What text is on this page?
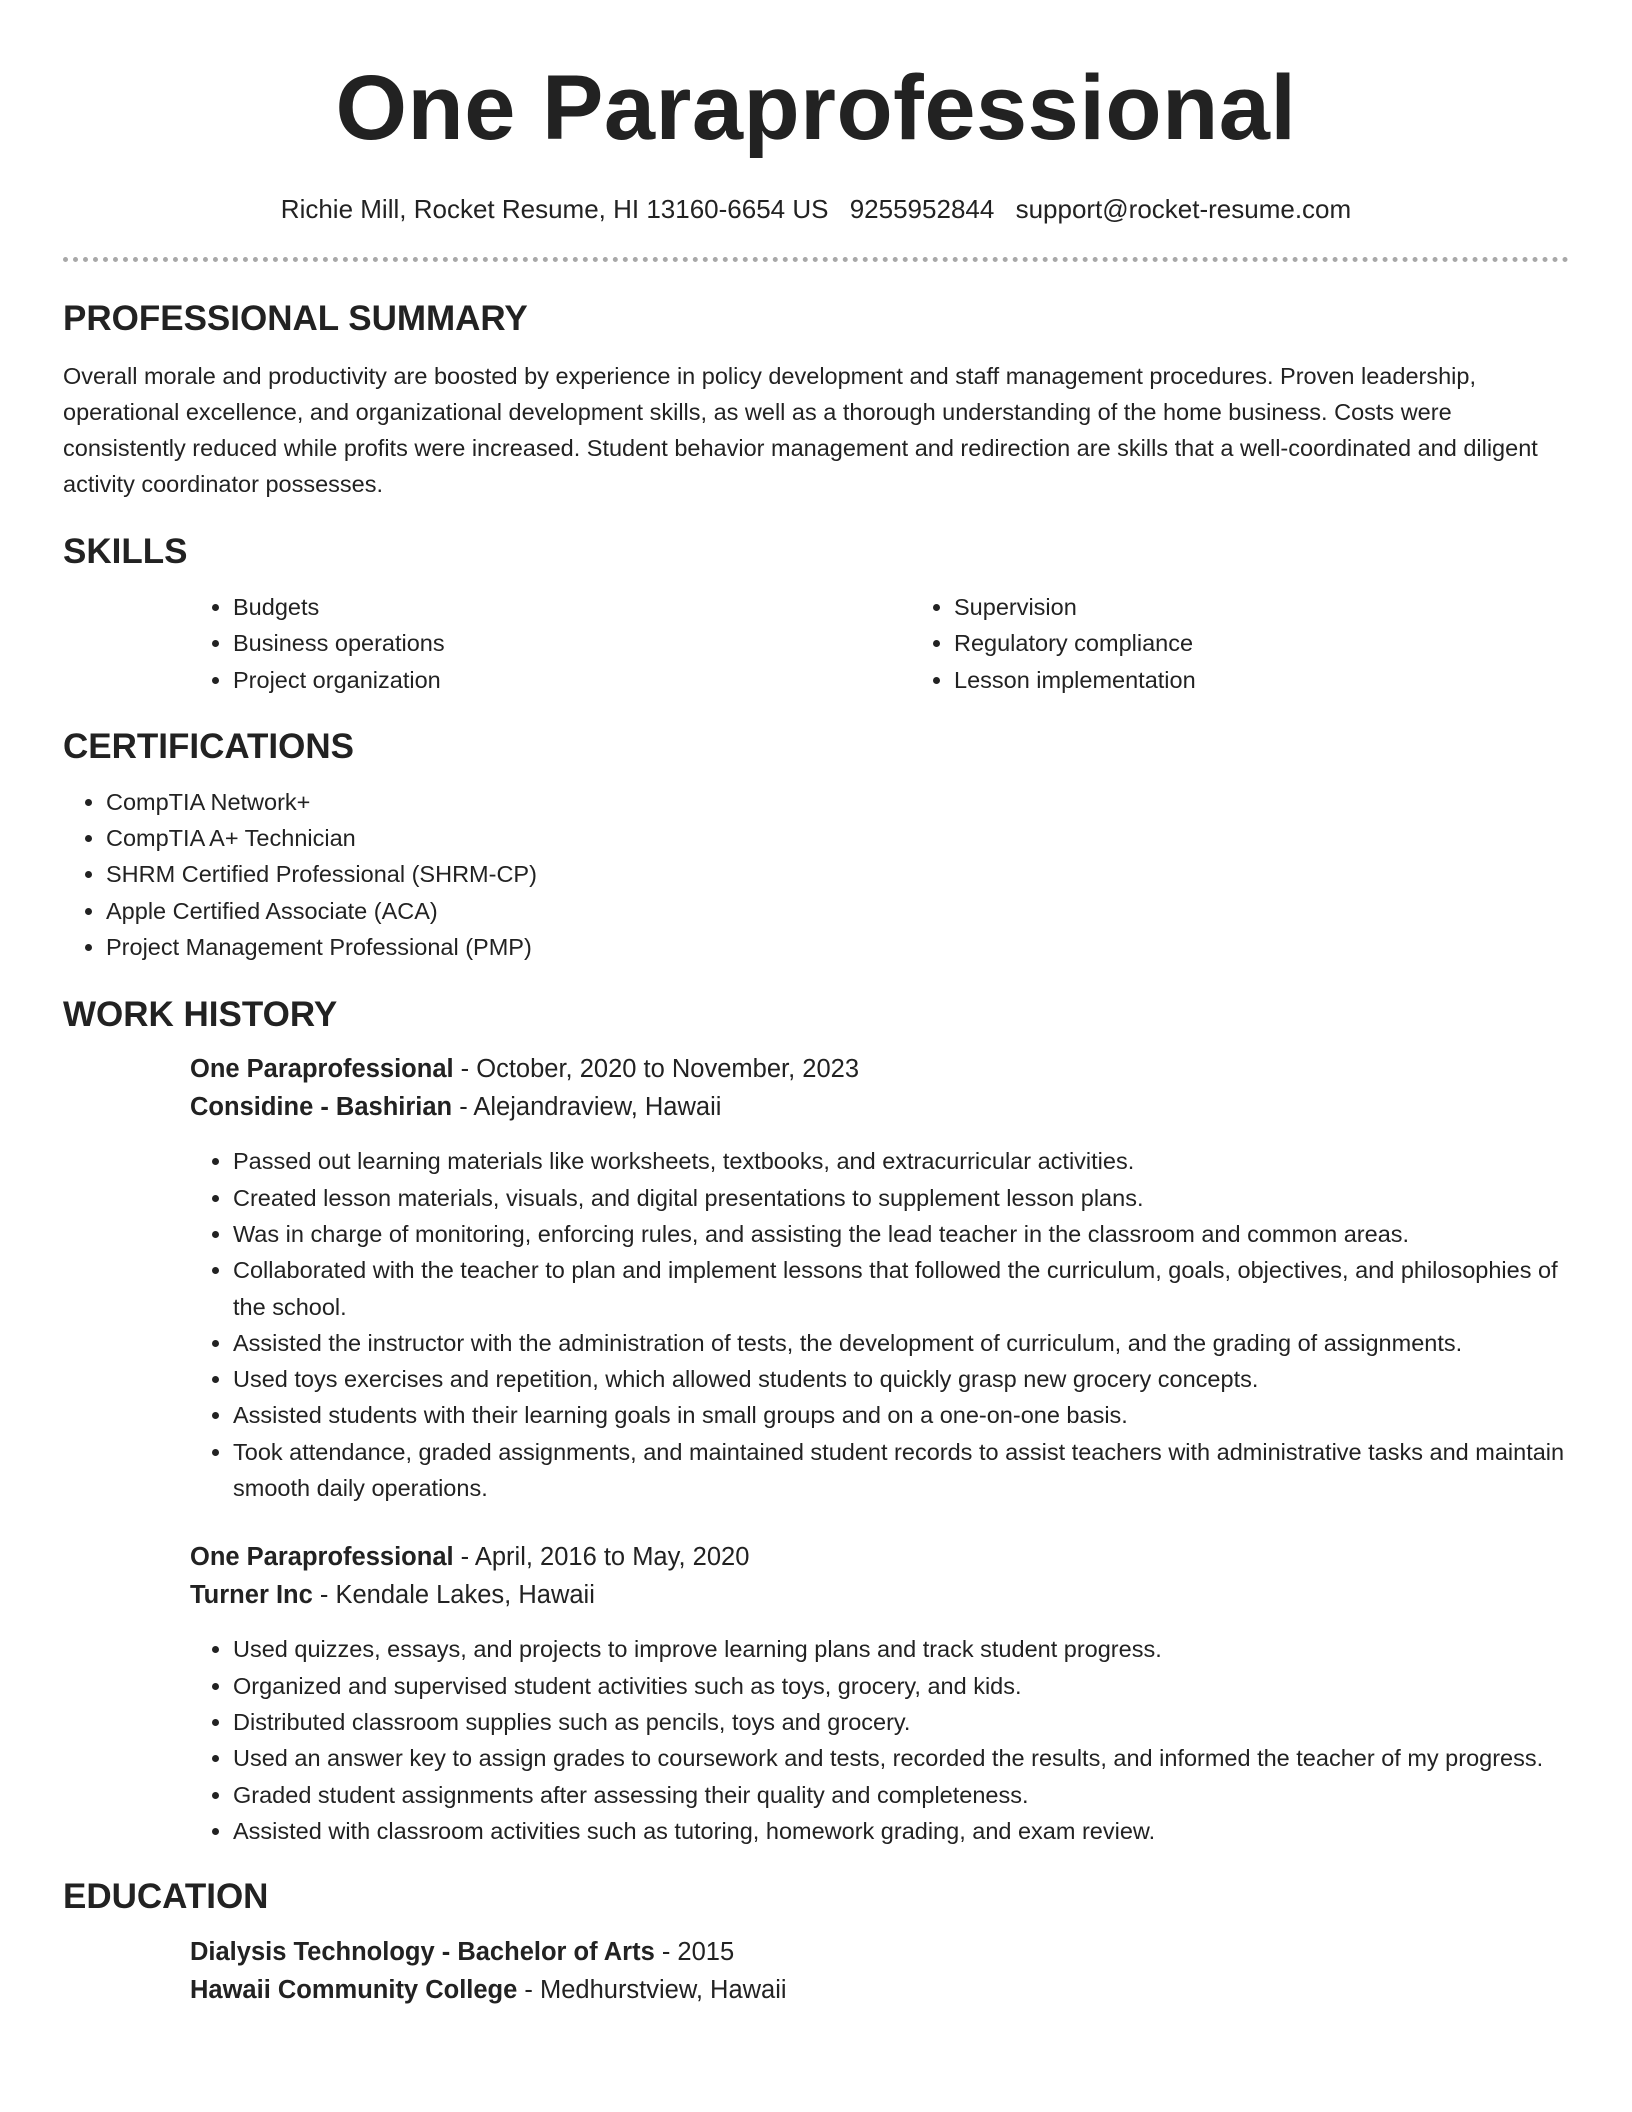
One Paraprofessional
Richie Mill, Rocket Resume, HI 13160-6654 US 9255952844 support@rocket-resume.com
PROFESSIONAL SUMMARY

Overall morale and productivity are boosted by experience in policy development and staff management procedures. Proven leadership, operational excellence, and organizational development skills, as well as a thorough understanding of the home business. Costs were consistently reduced while profits were increased. Student behavior management and redirection are skills that a well-coordinated and diligent activity coordinator possesses.

SKILLS
• Budgets
• Business operations
• Project organization
• Supervision
• Regulatory compliance
• Lesson implementation
CERTIFICATIONS
• CompTIA Network+
• CompTIA A+ Technician
• SHRM Certified Professional (SHRM-CP)
• Apple Certified Associate (ACA)
• Project Management Professional (PMP)
WORK HISTORY
One Paraprofessional - October, 2020 to November, 2023
Considine - Bashirian - Alejandraview, Hawaii
• Passed out learning materials like worksheets, textbooks, and extracurricular activities.
• Created lesson materials, visuals, and digital presentations to supplement lesson plans.
• Was in charge of monitoring, enforcing rules, and assisting the lead teacher in the classroom and common areas.
• Collaborated with the teacher to plan and implement lessons that followed the curriculum, goals, objectives, and philosophies of the school.
• Assisted the instructor with the administration of tests, the development of curriculum, and the grading of assignments.
• Used toys exercises and repetition, which allowed students to quickly grasp new grocery concepts.
• Assisted students with their learning goals in small groups and on a one-on-one basis.
• Took attendance, graded assignments, and maintained student records to assist teachers with administrative tasks and maintain smooth daily operations.
One Paraprofessional - April, 2016 to May, 2020
Turner Inc - Kendale Lakes, Hawaii
• Used quizzes, essays, and projects to improve learning plans and track student progress.
• Organized and supervised student activities such as toys, grocery, and kids.
• Distributed classroom supplies such as pencils, toys and grocery.
• Used an answer key to assign grades to coursework and tests, recorded the results, and informed the teacher of my progress.
• Graded student assignments after assessing their quality and completeness.
• Assisted with classroom activities such as tutoring, homework grading, and exam review.
EDUCATION
Dialysis Technology - Bachelor of Arts - 2015
Hawaii Community College - Medhurstview, Hawaii
